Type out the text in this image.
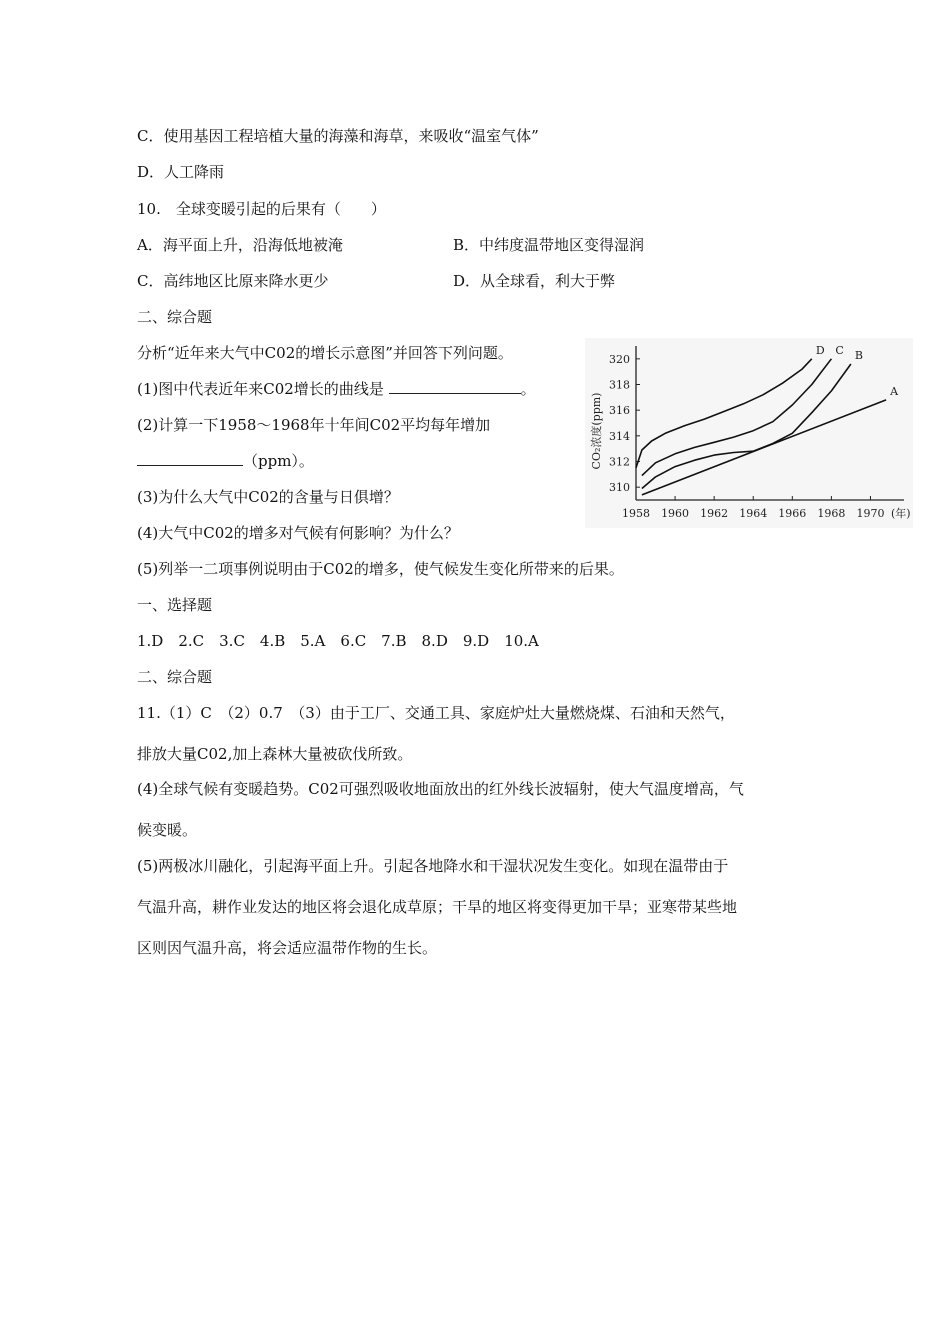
C．使用基因工程培植大量的海藻和海草，来吸收“温室气体”
D．人工降雨
10.　全球变暖引起的后果有（　　）
A．海平面上升，沿海低地被淹	B．中纬度温带地区变得湿润
C．高纬地区比原来降水更少	D．从全球看，利大于弊
二、综合题
分析“近年来大气中C02的增长示意图”并回答下列问题。
(1)图中代表近年来C02增长的曲线是	。
(2)计算一下1958～1968年十年间C02平均每年增加
（ppm）。
(3)为什么大气中C02的含量与日俱增？
(4)大气中C02的增多对气候有何影响？为什么？
(5)列举一二项事例说明由于C02的增多，使气候发生变化所带来的后果。
一、选择题
1.D　2.C　3.C　4.B　5.A　6.C　7.B　8.D　9.D　10.A
二、综合题
11.（1）C　（2）0.7　（3）由于工厂、交通工具、家庭炉灶大量燃烧煤、石油和天然气，
排放大量C02,加上森林大量被砍伐所致。
(4)全球气候有变暖趋势。C02可强烈吸收地面放出的红外线长波辐射，使大气温度增高，气
候变暖。
(5)两极冰川融化，引起海平面上升。引起各地降水和干湿状况发生变化。如现在温带由于
气温升高，耕作业发达的地区将会退化成草原；干旱的地区将变得更加干旱；亚寒带某些地
区则因气温升高，将会适应温带作物的生长。
310
312
314
316
318
320
1958 1960 1962 1964 1966 1968 1970 (年)
CO₂浓度(ppm)
A
B
C
D
